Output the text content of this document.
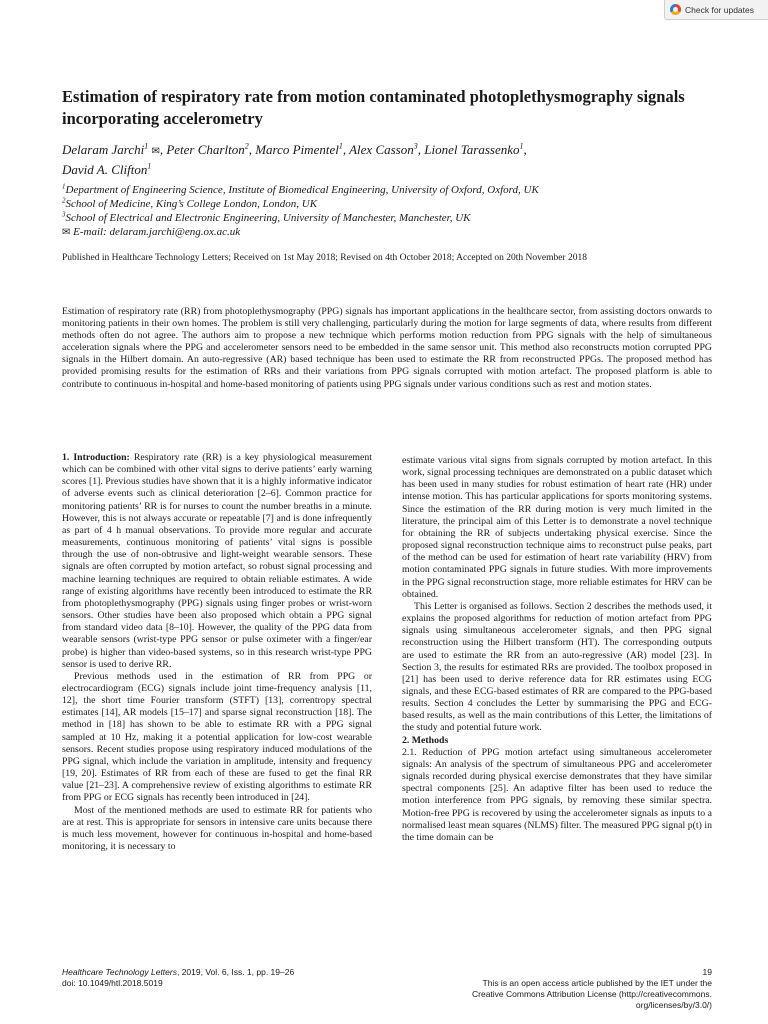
Check for updates
Estimation of respiratory rate from motion contaminated photoplethysmography signals incorporating accelerometry

Delaram Jarchi$^1$ ✉, Peter Charlton$^2$, Marco Pimentel$^1$, Alex Casson$^3$, Lionel Tarassenko$^1$,
David A. Clifton$^1$

$^1$Department of Engineering Science, Institute of Biomedical Engineering, University of Oxford, Oxford, UK
$^2$School of Medicine, King’s College London, London, UK
$^3$School of Electrical and Electronic Engineering, University of Manchester, Manchester, UK
✉ E-mail: delaram.jarchi@eng.ox.ac.uk

Published in Healthcare Technology Letters; Received on 1st May 2018; Revised on 4th October 2018; Accepted on 20th November 2018

Estimation of respiratory rate (RR) from photoplethysmography (PPG) signals has important applications in the healthcare sector, from assisting doctors onwards to monitoring patients in their own homes. The problem is still very challenging, particularly during the motion for large segments of data, where results from different methods often do not agree. The authors aim to propose a new technique which performs motion reduction from PPG signals with the help of simultaneous acceleration signals where the PPG and accelerometer sensors need to be embedded in the same sensor unit. This method also reconstructs motion corrupted PPG signals in the Hilbert domain. An auto-regressive (AR) based technique has been used to estimate the RR from reconstructed PPGs. The proposed method has provided promising results for the estimation of RRs and their variations from PPG signals corrupted with motion artefact. The proposed platform is able to contribute to continuous in-hospital and home-based monitoring of patients using PPG signals under various conditions such as rest and motion states.

1. Introduction: Respiratory rate (RR) is a key physiological measurement which can be combined with other vital signs to derive patients’ early warning scores [1]. Previous studies have shown that it is a highly informative indicator of adverse events such as clinical deterioration [2–6]. Common practice for monitoring patients’ RR is for nurses to count the number breaths in a minute. However, this is not always accurate or repeatable [7] and is done infrequently as part of 4 h manual observations. To provide more regular and accurate measurements, continuous monitoring of patients’ vital signs is possible through the use of non-obtrusive and light-weight wearable sensors. These signals are often corrupted by motion artefact, so robust signal processing and machine learning techniques are required to obtain reliable estimates. A wide range of existing algorithms have recently been introduced to estimate the RR from photoplethysmography (PPG) signals using finger probes or wrist-worn sensors. Other studies have been also proposed which obtain a PPG signal from standard video data [8–10]. However, the quality of the PPG data from wearable sensors (wrist-type PPG sensor or pulse oximeter with a finger/ear probe) is higher than video-based systems, so in this research wrist-type PPG sensor is used to derive RR.

Previous methods used in the estimation of RR from PPG or electrocardiogram (ECG) signals include joint time-frequency analysis [11, 12], the short time Fourier transform (STFT) [13], correntropy spectral estimates [14], AR models [15–17] and sparse signal reconstruction [18]. The method in [18] has shown to be able to estimate RR with a PPG signal sampled at 10 Hz, making it a potential application for low-cost wearable sensors. Recent studies propose using respiratory induced modulations of the PPG signal, which include the variation in amplitude, intensity and frequency [19, 20]. Estimates of RR from each of these are fused to get the final RR value [21–23]. A comprehensive review of existing algorithms to estimate RR from PPG or ECG signals has recently been introduced in [24].

Most of the mentioned methods are used to estimate RR for patients who are at rest. This is appropriate for sensors in intensive care units because there is much less movement, however for continuous in-hospital and home-based monitoring, it is necessary to

estimate various vital signs from signals corrupted by motion artefact. In this work, signal processing techniques are demonstrated on a public dataset which has been used in many studies for robust estimation of heart rate (HR) under intense motion. This has particular applications for sports monitoring systems. Since the estimation of the RR during motion is very much limited in the literature, the principal aim of this Letter is to demonstrate a novel technique for obtaining the RR of subjects undertaking physical exercise. Since the proposed signal reconstruction technique aims to reconstruct pulse peaks, part of the method can be used for estimation of heart rate variability (HRV) from motion contaminated PPG signals in future studies. With more improvements in the PPG signal reconstruction stage, more reliable estimates for HRV can be obtained.

This Letter is organised as follows. Section 2 describes the methods used, it explains the proposed algorithms for reduction of motion artefact from PPG signals using simultaneous accelerometer signals, and then PPG signal reconstruction using the Hilbert transform (HT). The corresponding outputs are used to estimate the RR from an auto-regressive (AR) model [23]. In Section 3, the results for estimated RRs are provided. The toolbox proposed in [21] has been used to derive reference data for RR estimates using ECG signals, and these ECG-based estimates of RR are compared to the PPG-based results. Section 4 concludes the Letter by summarising the PPG and ECG-based results, as well as the main contributions of this Letter, the limitations of the study and potential future work.

2. Methods

2.1. Reduction of PPG motion artefact using simultaneous accelerometer signals: An analysis of the spectrum of simultaneous PPG and accelerometer signals recorded during physical exercise demonstrates that they have similar spectral components [25]. An adaptive filter has been used to reduce the motion interference from PPG signals, by removing these similar spectra. Motion-free PPG is recovered by using the accelerometer signals as inputs to a normalised least mean squares (NLMS) filter. The measured PPG signal p(t) in the time domain can be

Healthcare Technology Letters, 2019, Vol. 6, Iss. 1, pp. 19–26
doi: 10.1049/htl.2018.5019
19
This is an open access article published by the IET under the
Creative Commons Attribution License (http://creativecommons.
org/licenses/by/3.0/)
